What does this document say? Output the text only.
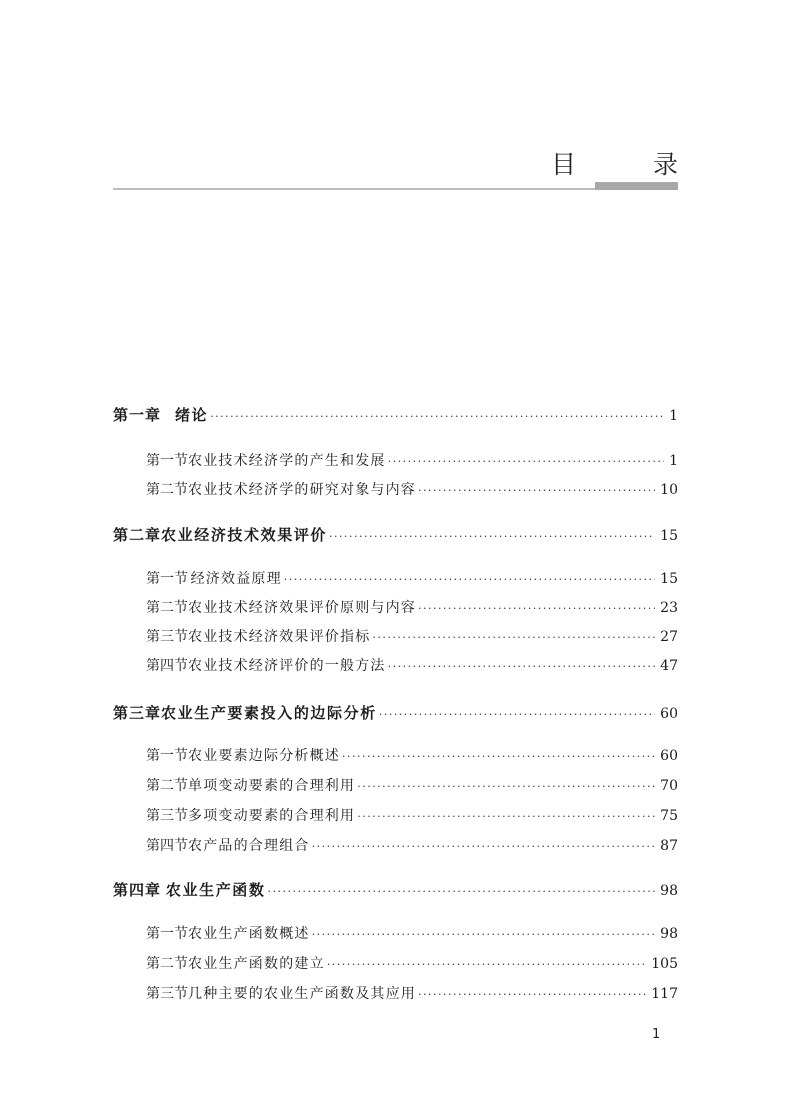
目　录
第一章 绪论 ·····	1
第一节 农业技术经济学的产生和发展 ·····	1
第二节 农业技术经济学的研究对象与内容 ·····	10
第二章 农业经济技术效果评价 ·····	15
第一节 经济效益原理 ·····	15
第二节 农业技术经济效果评价原则与内容 ·····	23
第三节 农业技术经济效果评价指标 ·····	27
第四节 农业技术经济评价的一般方法 ·····	47
第三章 农业生产要素投入的边际分析 ·····	60
第一节 农业要素边际分析概述 ·····	60
第二节 单项变动要素的合理利用 ·····	70
第三节 多项变动要素的合理利用 ·····	75
第四节 农产品的合理组合 ·····	87
第四章 农业生产函数 ·····	98
第一节 农业生产函数概述 ·····	98
第二节 农业生产函数的建立 ·····	105
第三节 几种主要的农业生产函数及其应用 ·····	117
1
